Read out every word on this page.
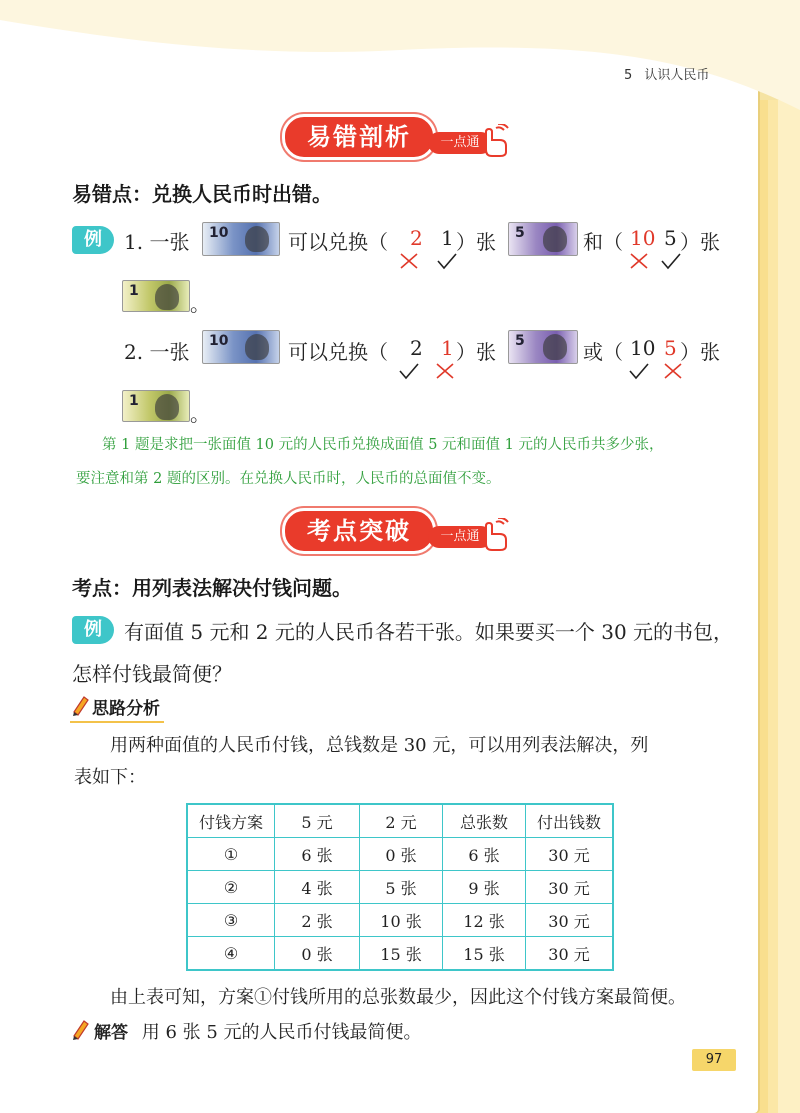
5 认识人民币
易错剖析	一点通
易错点：兑换人民币时出错。
例	1. 一张 10	可以兑换（ 2 1 ）张 5	和（ 10 5 ）张
1
。
2. 一张 10	可以兑换（ 2 1 ）张 5	或（ 10 5 ）张
1
。
第 1 题是求把一张面值 10 元的人民币兑换成面值 5 元和面值 1 元的人民币共多少张，
要注意和第 2 题的区别。在兑换人民币时，人民币的总面值不变。
考点突破	一点通
考点：用列表法解决付钱问题。
例	有面值 5 元和 2 元的人民币各若干张。如果要买一个 30 元的书包，
怎样付钱最简便？
思路分析
用两种面值的人民币付钱，总钱数是 30 元，可以用列表法解决，列
表如下：
付钱方案	5 元	2 元	总张数	付出钱数
①	6 张	0 张	6 张	30 元
②	4 张	5 张	9 张	30 元
③	2 张	10 张	12 张	30 元
④	0 张	15 张	15 张	30 元
由上表可知，方案①付钱所用的总张数最少，因此这个付钱方案最简便。
解答 用 6 张 5 元的人民币付钱最简便。
97
